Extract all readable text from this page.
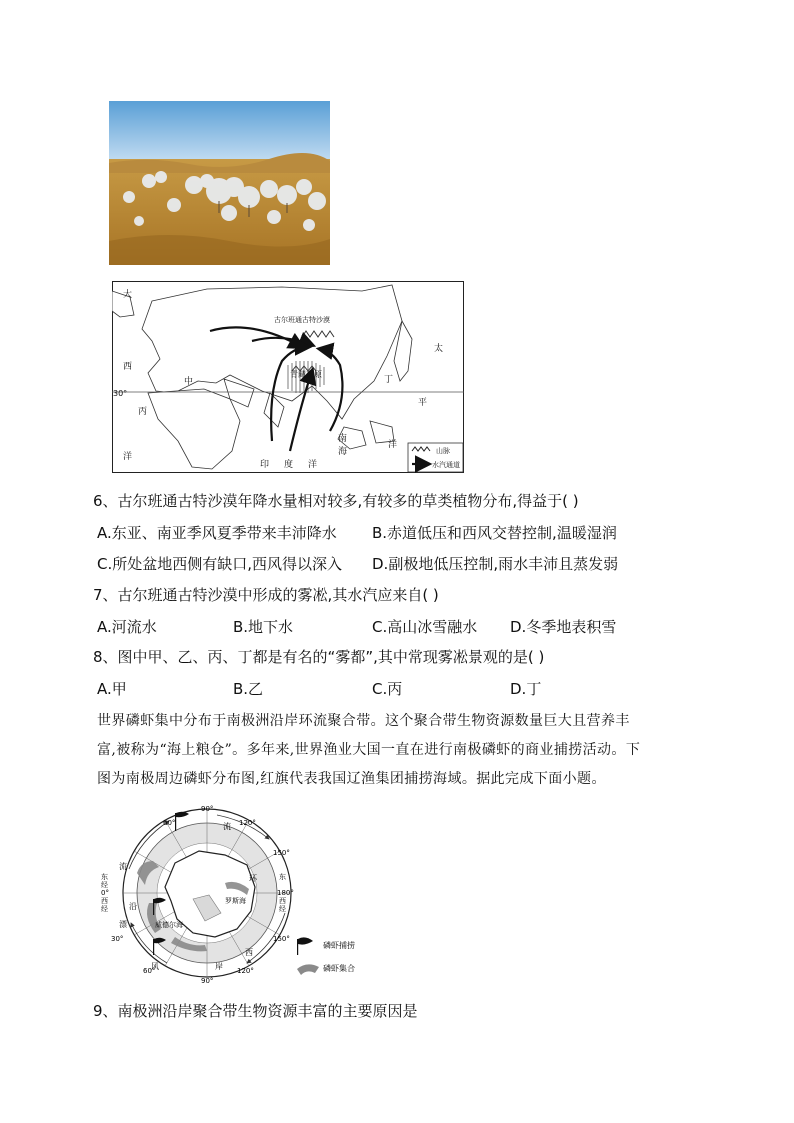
山脉
水汽通道
大
西
中
30°
丙
洋
古尔班通古特沙漠
青藏高原
印 度 洋
南
海
太
丁
平
洋
6、古尔班通古特沙漠年降水量相对较多,有较多的草类植物分布,得益于( )
A.东亚、南亚季风夏季带来丰沛降水 B.赤道低压和西风交替控制,温暖湿润
C.所处盆地西侧有缺口,西风得以深入 D.副极地低压控制,雨水丰沛且蒸发弱
7、古尔班通古特沙漠中形成的雾凇,其水汽应来自( )
A.河流水	B.地下水	C.高山冰雪融水 D.冬季地表积雪
8、图中甲、乙、丙、丁都是有名的“雾都”,其中常现雾凇景观的是( )
A.甲	B.乙	C.丙	D.丁
世界磷虾集中分布于南极洲沿岸环流聚合带。这个聚合带生物资源数量巨大且营养丰
富,被称为“海上粮仓”。多年来,世界渔业大国一直在进行南极磷虾的商业捕捞活动。下
图为南极周边磷虾分布图,红旗代表我国辽渔集团捕捞海域。据此完成下面小题。
90°
60°	120°
150°
30°	150°
60°	120°
90°
东
经
0°
西
经
东
180°
西
经
流
流
沿
漂
风
环
西
岸
罗斯海
威德尔海
磷虾捕捞
磷虾集合
9、南极洲沿岸聚合带生物资源丰富的主要原因是
